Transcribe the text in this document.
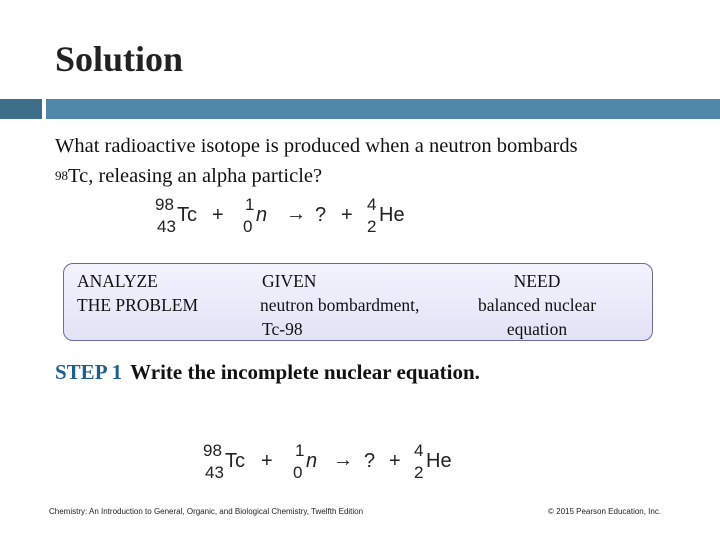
Solution
What radioactive isotope is produced when a neutron bombards
$^{98}$Tc, releasing an alpha particle?
98
43
Tc + 1
0
n → ? + 4
2
He
ANALYZE
THE PROBLEM
GIVEN
neutron bombardment,
Tc-98
NEED
balanced nuclear
equation
STEP 1 Write the incomplete nuclear equation.
98
43
Tc + 1
0
n → ? + 4
2
He
Chemistry: An Introduction to General, Organic, and Biological Chemistry, Twelfth Edition	© 2015 Pearson Education, Inc.
